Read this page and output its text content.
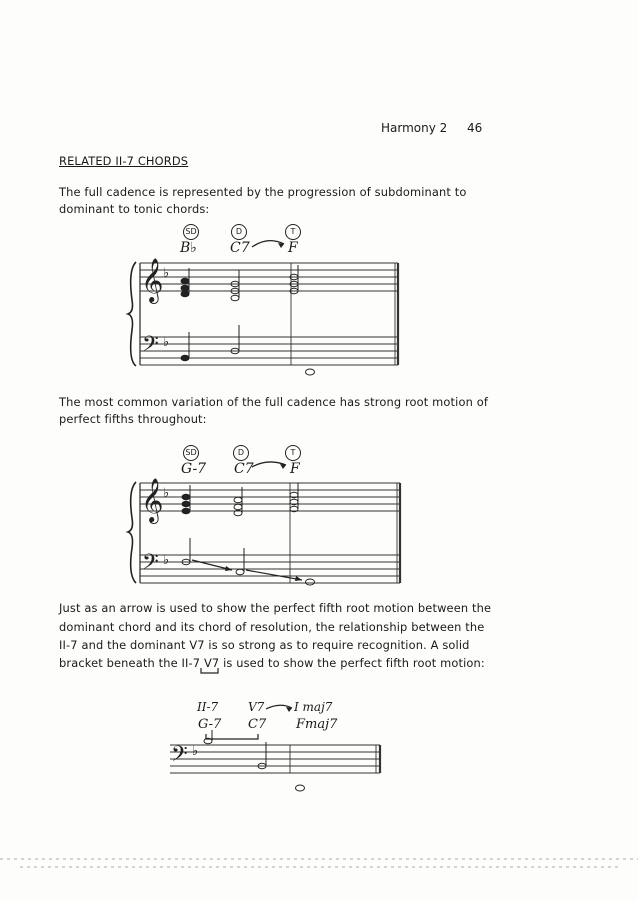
Harmony 2 46
RELATED II-7 CHORDS
The full cadence is represented by the progression of subdominant to
dominant to tonic chords:
SD	D	T
B♭ C7	F
𝄞 ♭
𝄢 ♭
The most common variation of the full cadence has strong root motion of
perfect fifths throughout:
SD	D	T
G-7 C7	F
𝄞 ♭
𝄢 ♭
Just as an arrow is used to show the perfect fifth root motion between the
dominant chord and its chord of resolution, the relationship between the
II-7 and the dominant V7 is so strong as to require recognition. A solid
bracket beneath the II-7 V7 is used to show the perfect fifth root motion:
II-7 V7 I maj7
G-7 C7 Fmaj7
𝄢 ♭
